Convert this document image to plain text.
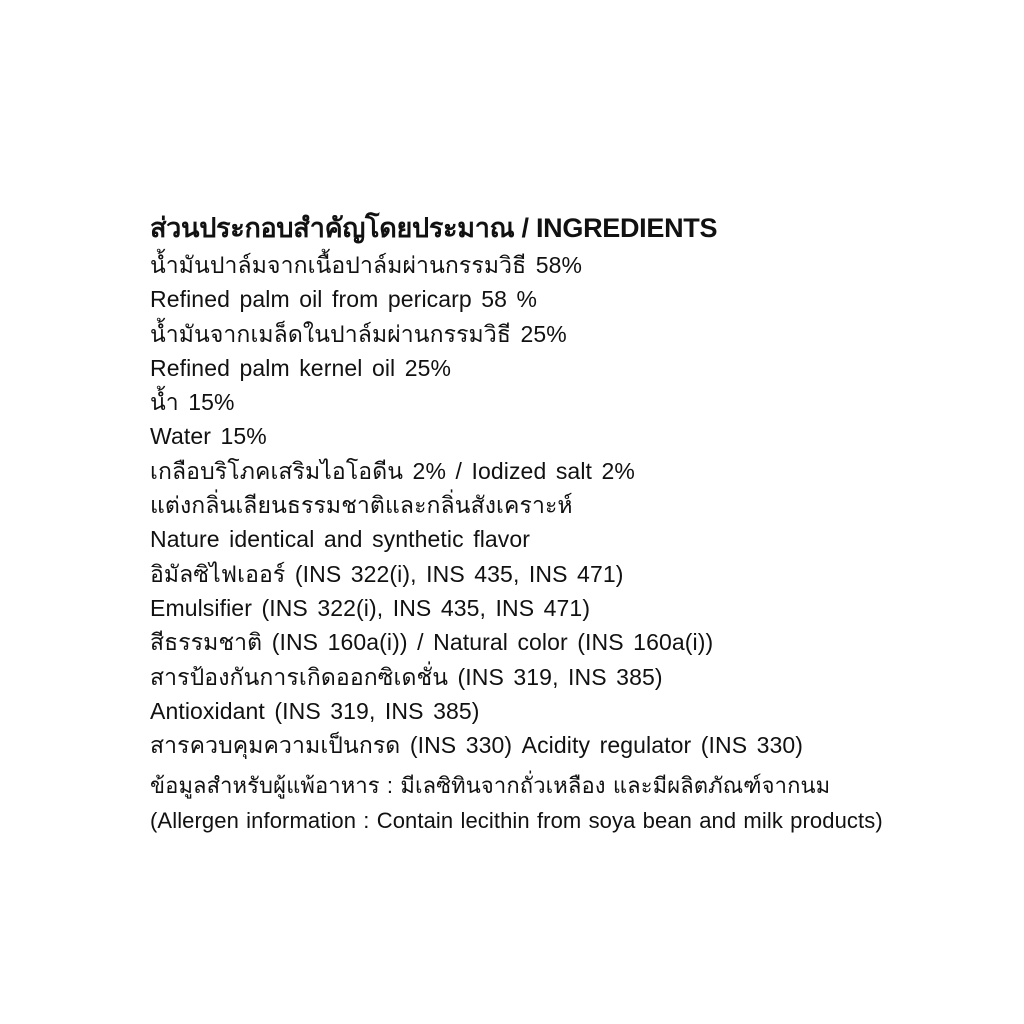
ส่วนประกอบสำคัญโดยประมาณ / INGREDIENTS
น้ำมันปาล์มจากเนื้อปาล์มผ่านกรรมวิธี 58%
Refined palm oil from pericarp 58 %
น้ำมันจากเมล็ดในปาล์มผ่านกรรมวิธี 25%
Refined palm kernel oil 25%
น้ำ 15%
Water 15%
เกลือบริโภคเสริมไอโอดีน 2% / Iodized salt 2%
แต่งกลิ่นเลียนธรรมชาติและกลิ่นสังเคราะห์
Nature identical and synthetic flavor
อิมัลซิไฟเออร์ (INS 322(i), INS 435, INS 471)
Emulsifier (INS 322(i), INS 435, INS 471)
สีธรรมชาติ (INS 160a(i)) / Natural color (INS 160a(i))
สารป้องกันการเกิดออกซิเดชั่น (INS 319, INS 385)
Antioxidant (INS 319, INS 385)
สารควบคุมความเป็นกรด (INS 330) Acidity regulator (INS 330)
ข้อมูลสำหรับผู้แพ้อาหาร : มีเลซิทินจากถั่วเหลือง และมีผลิตภัณฑ์จากนม
(Allergen information : Contain lecithin from soya bean and milk products)
